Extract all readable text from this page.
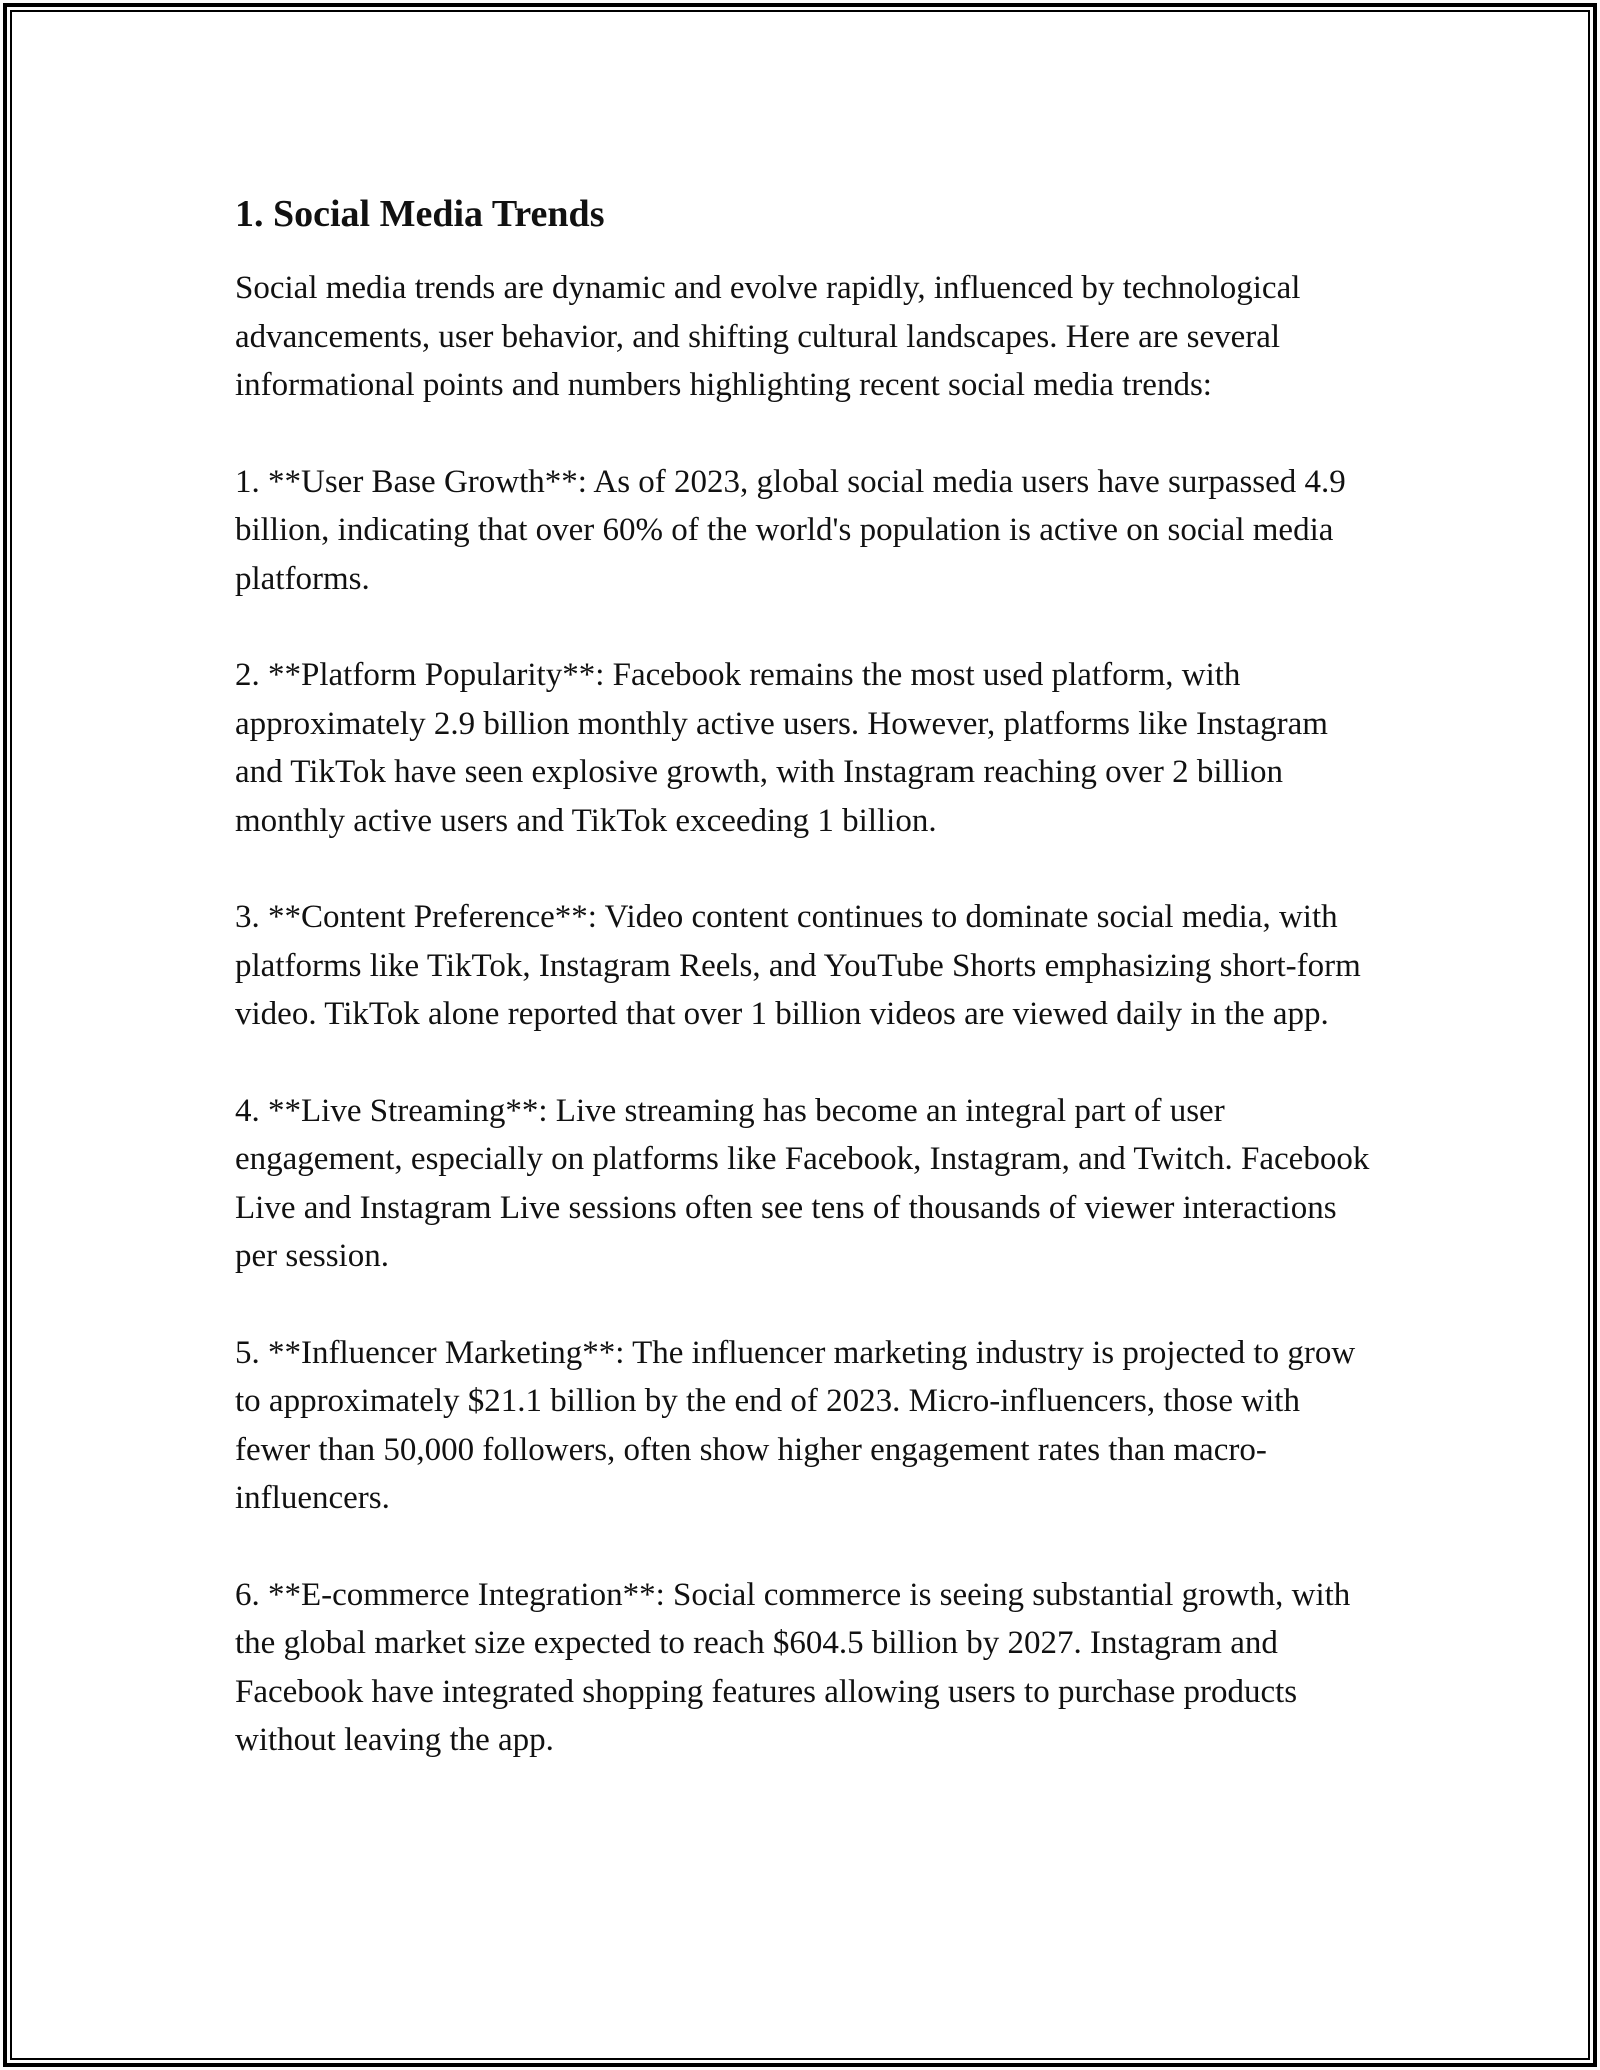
1. Social Media Trends

Social media trends are dynamic and evolve rapidly, influenced by technological advancements, user behavior, and shifting cultural landscapes. Here are several informational points and numbers highlighting recent social media trends:

1. **User Base Growth**: As of 2023, global social media users have surpassed 4.9 billion, indicating that over 60% of the world's population is active on social media platforms.

2. **Platform Popularity**: Facebook remains the most used platform, with approximately 2.9 billion monthly active users. However, platforms like Instagram and TikTok have seen explosive growth, with Instagram reaching over 2 billion monthly active users and TikTok exceeding 1 billion.

3. **Content Preference**: Video content continues to dominate social media, with platforms like TikTok, Instagram Reels, and YouTube Shorts emphasizing short-form video. TikTok alone reported that over 1 billion videos are viewed daily in the app.

4. **Live Streaming**: Live streaming has become an integral part of user engagement, especially on platforms like Facebook, Instagram, and Twitch. Facebook Live and Instagram Live sessions often see tens of thousands of viewer interactions per session.

5. **Influencer Marketing**: The influencer marketing industry is projected to grow to approximately $21.1 billion by the end of 2023. Micro-influencers, those with fewer than 50,000 followers, often show higher engagement rates than macro-influencers.

6. **E-commerce Integration**: Social commerce is seeing substantial growth, with the global market size expected to reach $604.5 billion by 2027. Instagram and Facebook have integrated shopping features allowing users to purchase products without leaving the app.
